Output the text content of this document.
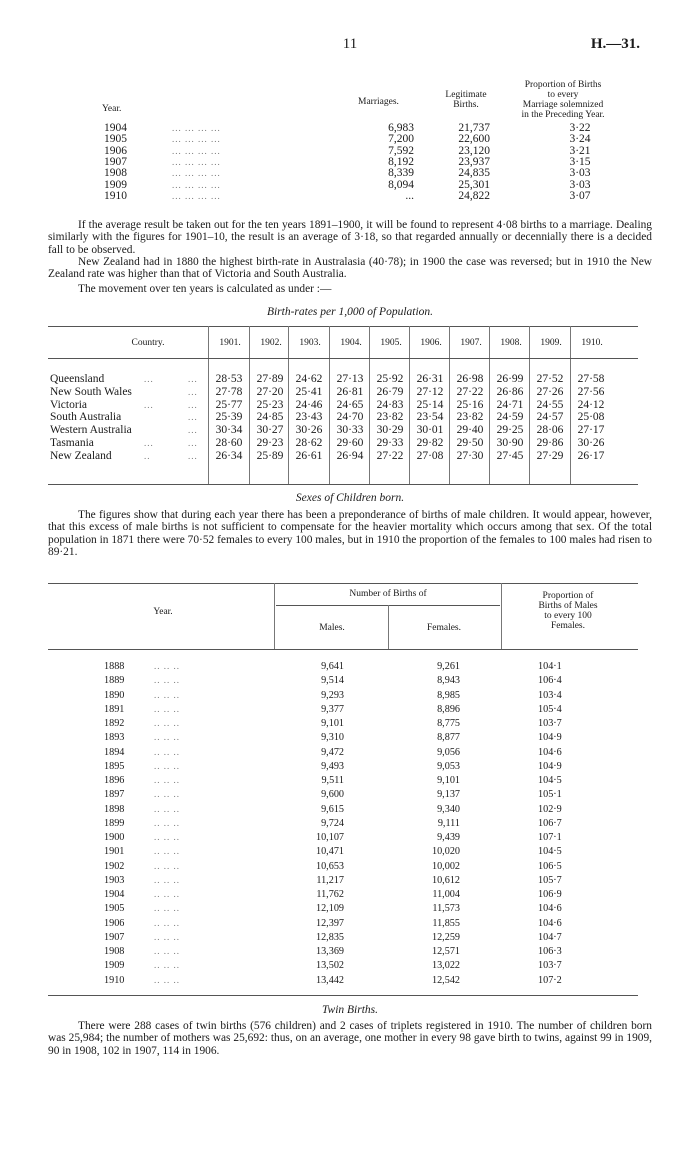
11	H.—31.
Year.
Marriages.
Legitimate
Births.
Proportion of Births
to every
Marriage solemnized
in the Preceding Year.
1904	... ... ... ...	6,983	21,737	3·22
1905	... ... ... ...	7,200	22,600	3·24
1906	... ... ... ...	7,592	23,120	3·21
1907	... ... ... ...	8,192	23,937	3·15
1908	... ... ... ...	8,339	24,835	3·03
1909	... ... ... ...	8,094	25,301	3·03
1910	... ... ... ...	...	24,822	3·07
If the average result be taken out for the ten years 1891–1900, it will be found to represent 4·08 births to a marriage. Dealing similarly with the figures for 1901–10, the result is an average of 3·18, so that regarded annually or decennially there is a decided fall to be observed.
New Zealand had in 1880 the highest birth-rate in Australasia (40·78); in 1900 the case was reversed; but in 1910 the New Zealand rate was higher than that of Victoria and South Australia.
The movement over ten years is calculated as under :—
Birth-rates per 1,000 of Population.
Country.	1901.	1902.	1903.	1904.	1905.	1906.	1907.	1908.	1909.	1910.
Queensland	...	...	28·53	27·89	24·62	27·13	25·92	26·31	26·98	26·99	27·52	27·58
New South Wales	...	27·78	27·20	25·41	26·81	26·79	27·12	27·22	26·86	27·26	27·56
Victoria	...	...	25·77	25·23	24·46	24·65	24·83	25·14	25·16	24·71	24·55	24·12
South Australia	...	25·39	24·85	23·43	24·70	23·82	23·54	23·82	24·59	24·57	25·08
Western Australia	...	30·34	30·27	30·26	30·33	30·29	30·01	29·40	29·25	28·06	27·17
Tasmania	...	...	28·60	29·23	28·62	29·60	29·33	29·82	29·50	30·90	29·86	30·26
New Zealand	..	...	26·34	25·89	26·61	26·94	27·22	27·08	27·30	27·45	27·29	26·17
Sexes of Children born.
The figures show that during each year there has been a preponderance of births of male children. It would appear, however, that this excess of male births is not sufficient to compensate for the heavier mortality which occurs among that sex. Of the total population in 1871 there were 70·52 females to every 100 males, but in 1910 the proportion of the females to 100 males had risen to 89·21.
Year.
Number of Births of
Males.	Females.
Proportion of
Births of Males
to every 100
Females.
1888	.. .. ..	9,641	9,261	104·1
1889	.. .. ..	9,514	8,943	106·4
1890	.. .. ..	9,293	8,985	103·4
1891	.. .. ..	9,377	8,896	105·4
1892	.. .. ..	9,101	8,775	103·7
1893	.. .. ..	9,310	8,877	104·9
1894	.. .. ..	9,472	9,056	104·6
1895	.. .. ..	9,493	9,053	104·9
1896	.. .. ..	9,511	9,101	104·5
1897	.. .. ..	9,600	9,137	105·1
1898	.. .. ..	9,615	9,340	102·9
1899	.. .. ..	9,724	9,111	106·7
1900	.. .. ..	10,107	9,439	107·1
1901	.. .. ..	10,471	10,020	104·5
1902	.. .. ..	10,653	10,002	106·5
1903	.. .. ..	11,217	10,612	105·7
1904	.. .. ..	11,762	11,004	106·9
1905	.. .. ..	12,109	11,573	104·6
1906	.. .. ..	12,397	11,855	104·6
1907	.. .. ..	12,835	12,259	104·7
1908	.. .. ..	13,369	12,571	106·3
1909	.. .. ..	13,502	13,022	103·7
1910	.. .. ..	13,442	12,542	107·2
Twin Births.
There were 288 cases of twin births (576 children) and 2 cases of triplets registered in 1910. The number of children born was 25,984; the number of mothers was 25,692: thus, on an average, one mother in every 98 gave birth to twins, against 99 in 1909, 90 in 1908, 102 in 1907, 114 in 1906.
